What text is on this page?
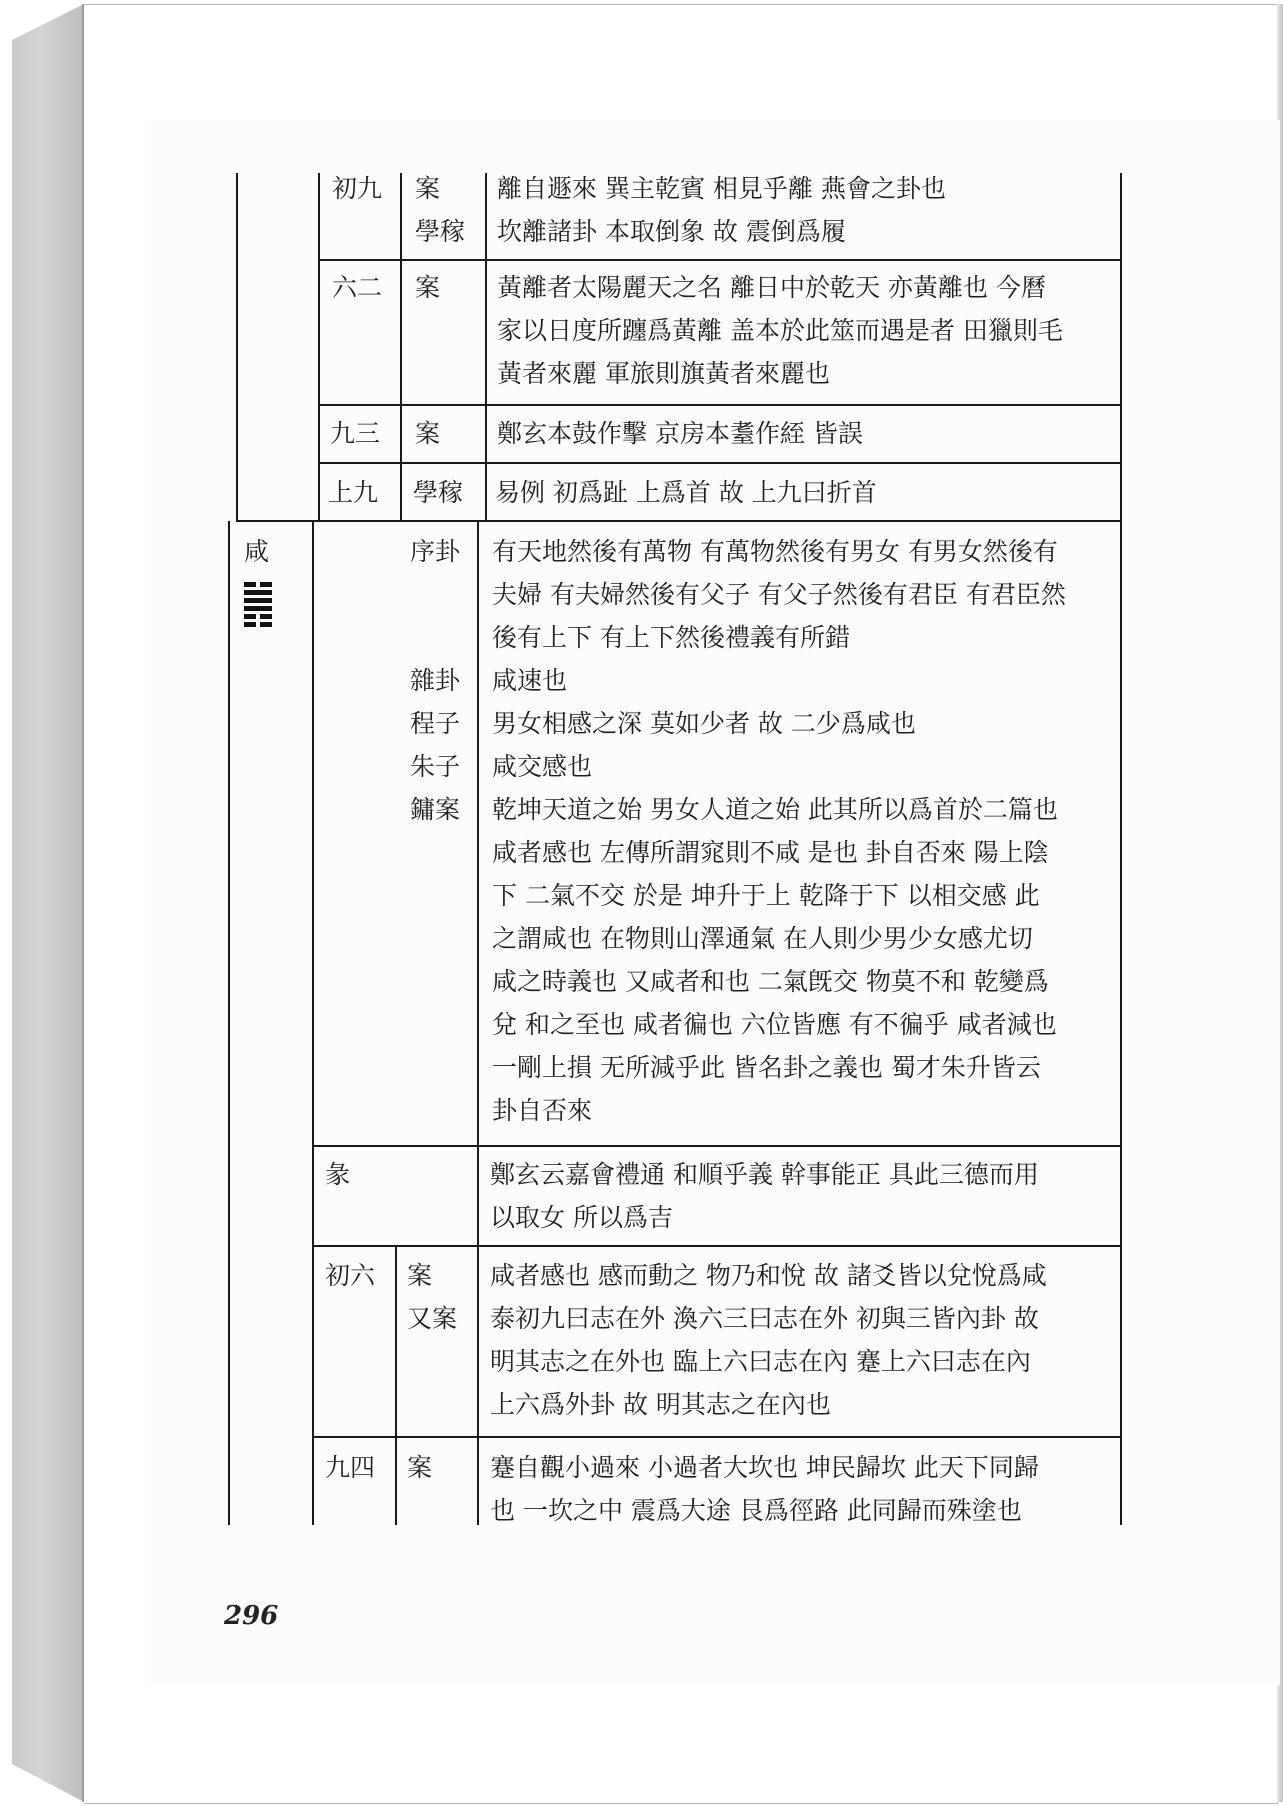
初九 案
學稼
離自遯來 巽主乾賓 相見乎離 燕會之卦也
坎離諸卦 本取倒象 故 震倒爲履
六二 案 黃離者太陽麗天之名 離日中於乾天 亦黃離也 今曆
家以日度所躔爲黃離 盖本於此筮而遇是者 田獵則毛
黃者來麗 軍旅則旗黃者來麗也
九三 案 鄭玄本鼓作擊 京房本耋作絰 皆誤
上九 學稼 易例 初爲趾 上爲首 故 上九曰折首
咸	序卦

雜卦
程子
朱子
鏞案
有天地然後有萬物 有萬物然後有男女 有男女然後有
夫婦 有夫婦然後有父子 有父子然後有君臣 有君臣然
後有上下 有上下然後禮義有所錯
咸速也
男女相感之深 莫如少者 故 二少爲咸也
咸交感也
乾坤天道之始 男女人道之始 此其所以爲首於二篇也
咸者感也 左傳所謂窕則不咸 是也 卦自否來 陽上陰
下 二氣不交 於是 坤升于上 乾降于下 以相交感 此
之謂咸也 在物則山澤通氣 在人則少男少女感尤切
咸之時義也 又咸者和也 二氣旣交 物莫不和 乾變爲
兌 和之至也 咸者徧也 六位皆應 有不徧乎 咸者減也
一剛上損 无所減乎此 皆名卦之義也 蜀才朱升皆云
卦自否來
彖	鄭玄云嘉會禮通 和順乎義 幹事能正 具此三德而用
以取女 所以爲吉
初六 案
又案
咸者感也 感而動之 物乃和悅 故 諸爻皆以兌悅爲咸
泰初九曰志在外 渙六三曰志在外 初與三皆內卦 故
明其志之在外也 臨上六曰志在內 蹇上六曰志在內
上六爲外卦 故 明其志之在內也
九四 案 蹇自觀小過來 小過者大坎也 坤民歸坎 此天下同歸
也 一坎之中 震爲大途 艮爲徑路 此同歸而殊塗也
296
